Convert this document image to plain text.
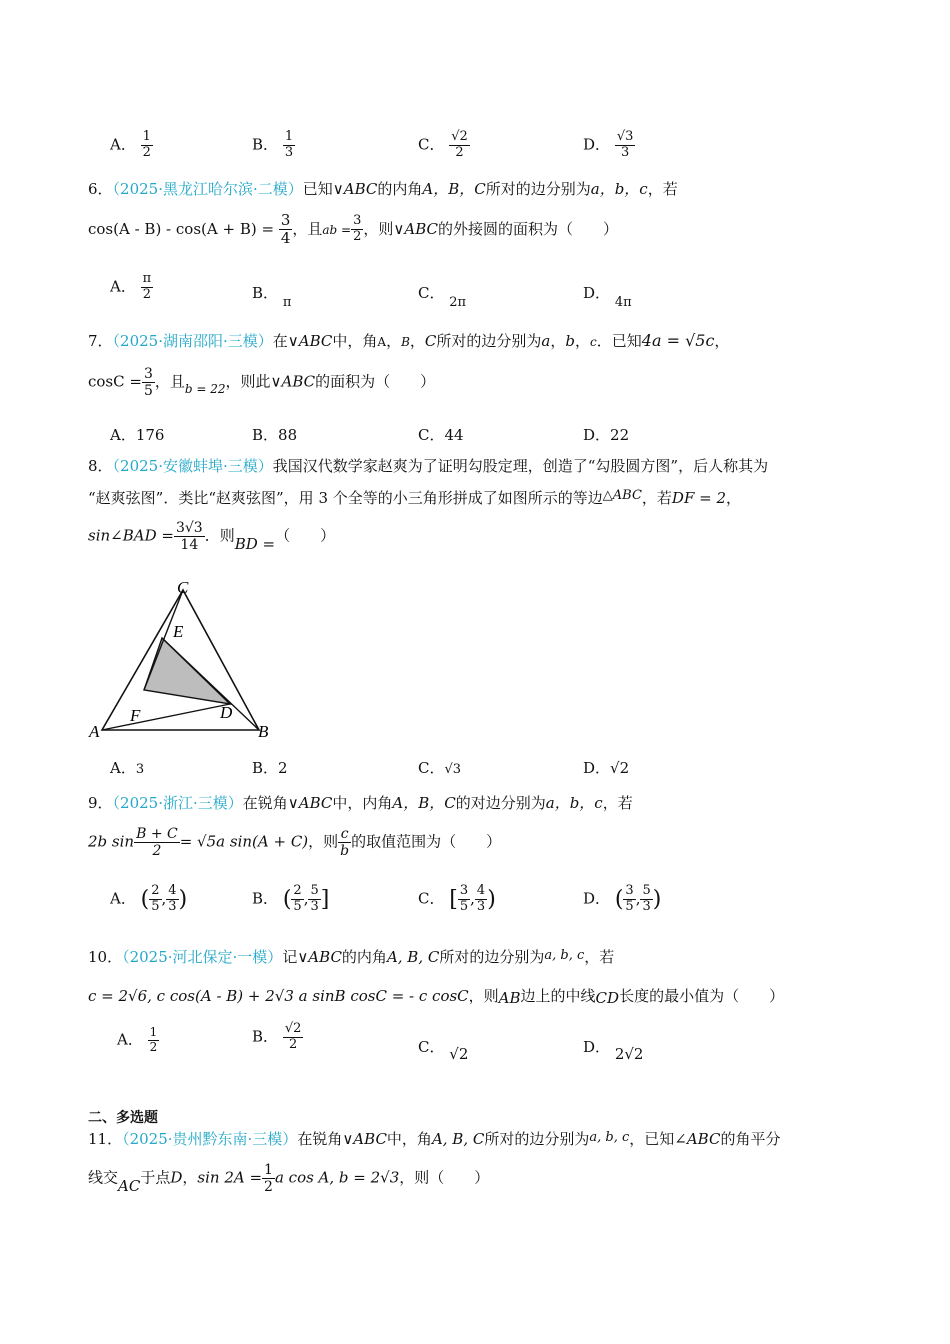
A． $\frac{1}{2}$	B． $\frac{1}{3}$	C． $\frac{√2}{2}$	D． $\frac{√3}{3}$
6．（2025·黑龙江哈尔滨·二模）已知∨ABC的内角A，B，C所对的边分别为a，b，c，若
$\cos(A - B) - \cos(A + B) = \frac{3}{4}$ ，且ab = $\frac{3}{2}$ ，则∨ABC的外接圆的面积为（　　）
A． $\frac{\pi}{2}$	B． π
C． 2π
D． 4π
7．（2025·湖南邵阳·三模）在∨ABC中，角A，B，C所对的边分别为a，b，c．已知4a = √5c，
$\cos C = \frac{3}{5}$ ，且$_{b = 22}$，则此∨ABC的面积为（　　）
A．176	B．88	C．44	D．22
8．（2025·安徽蚌埠·三模）我国汉代数学家赵爽为了证明勾股定理，创造了“勾股圆方图”，后人称其为
“赵爽弦图”．类比“赵爽弦图”，用 3 个全等的小三角形拼成了如图所示的等边△ABC，若DF = 2，
sin∠BAD = $\frac{3√3}{14}$ ．则BD =（　　）
C
E
D
F
A	B
A．3	B．2	C．√3	D．√2
9．（2025·浙江·三模）在锐角∨ABC中，内角A，B，C的对边分别为a，b，c，若
2b $\sin \frac{B + C}{2} = √5a$ sin(A + C)，则 $\frac{c}{b}$ 的取值范围为（　　）
A． ( $\frac{2}{5}$ , $\frac{4}{3}$ )	B． ( $\frac{2}{5}$ , $\frac{5}{3}$ ]	C． [ $\frac{3}{5}$ , $\frac{4}{3}$ )	D． ( $\frac{3}{5}$ , $\frac{5}{3}$ )
10．（2025·河北保定·一模）记∨ABC的内角A, B, C所对的边分别为a, b, c，若
c = 2√6, c cos(A - B) + 2√3 a sinB cosC = - c cosC，则AB边上的中线CD长度的最小值为（　　）
A． $\frac{1}{2}$	B． $\frac{√2}{2}$	C． √2	D． 2√2
二、多选题
11．（2025·贵州黔东南·三模）在锐角∨ABC中，角A, B, C所对的边分别为a, b, c，已知∠ABC的角平分
线交AC于点D，$\sin 2A = \frac{1}{2}$ a cos A, b = 2√3，则（　　）
